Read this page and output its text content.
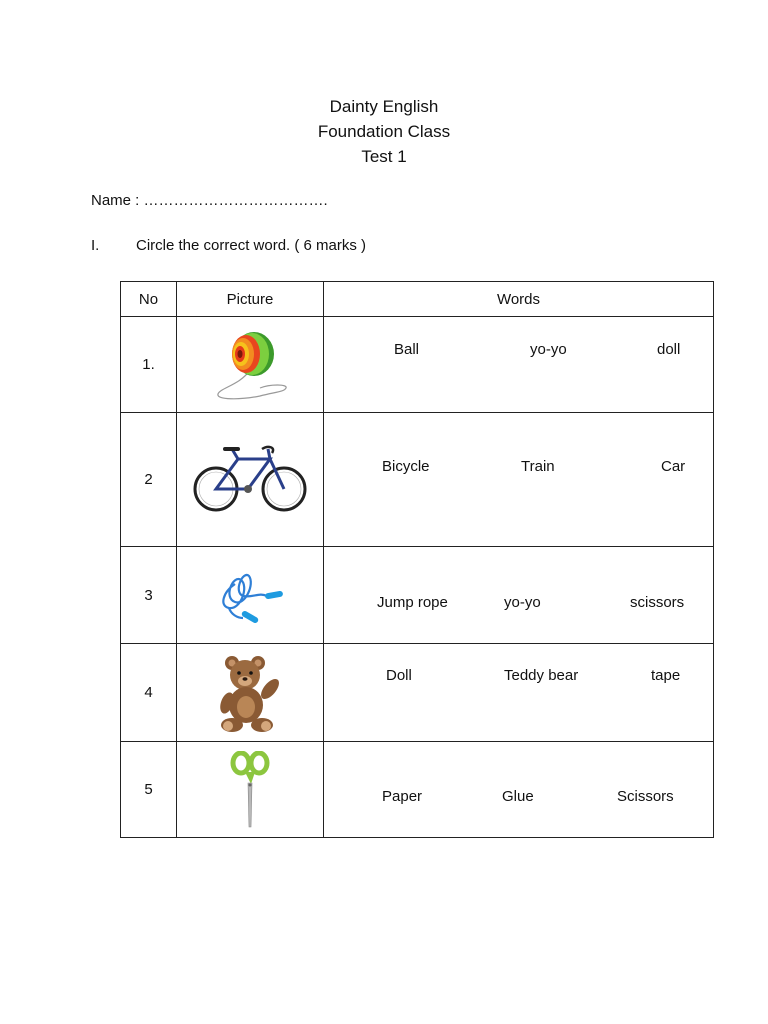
Dainty English
Foundation Class
Test 1
Name : ……………………………….
I. Circle the correct word. ( 6 marks )
No	Picture	Words
1.		Ball yo-yo doll

2		Bicycle Train Car

3		Jump rope yo-yo scissors

4		Doll Teddy bear tape

5		Paper Glue Scissors
